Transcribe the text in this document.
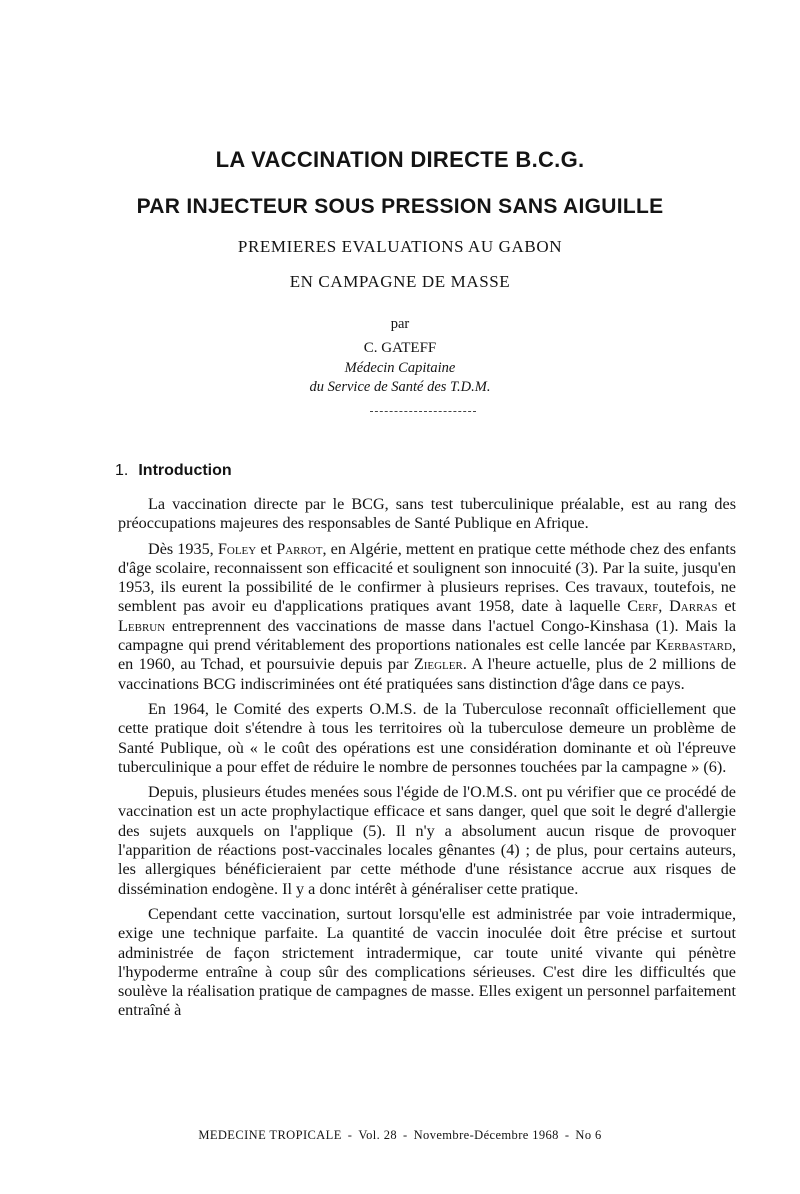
LA VACCINATION DIRECTE B.C.G.
PAR INJECTEUR SOUS PRESSION SANS AIGUILLE
PREMIERES EVALUATIONS AU GABON
EN CAMPAGNE DE MASSE
par
C. GATEFF
Médecin Capitaine
du Service de Santé des T.D.M.
1. Introduction

La vaccination directe par le BCG, sans test tuberculinique préalable, est au rang des préoccupations majeures des responsables de Santé Publique en Afrique.

Dès 1935, Foley et Parrot, en Algérie, mettent en pratique cette méthode chez des enfants d'âge scolaire, reconnaissent son efficacité et soulignent son innocuité (3). Par la suite, jusqu'en 1953, ils eurent la possibilité de le confirmer à plusieurs reprises. Ces travaux, toutefois, ne semblent pas avoir eu d'applications pratiques avant 1958, date à laquelle Cerf, Darras et Lebrun entreprennent des vaccinations de masse dans l'actuel Congo-Kinshasa (1). Mais la campagne qui prend véritablement des proportions nationales est celle lancée par Kerbastard, en 1960, au Tchad, et poursuivie depuis par Ziegler. A l'heure actuelle, plus de 2 millions de vaccinations BCG indiscriminées ont été pratiquées sans distinction d'âge dans ce pays.

En 1964, le Comité des experts O.M.S. de la Tuberculose reconnaît officiellement que cette pratique doit s'étendre à tous les territoires où la tuberculose demeure un problème de Santé Publique, où « le coût des opérations est une considération dominante et où l'épreuve tuberculinique a pour effet de réduire le nombre de personnes touchées par la campagne » (6).

Depuis, plusieurs études menées sous l'égide de l'O.M.S. ont pu vérifier que ce procédé de vaccination est un acte prophylactique efficace et sans danger, quel que soit le degré d'allergie des sujets auxquels on l'applique (5). Il n'y a absolument aucun risque de provoquer l'apparition de réactions post-vaccinales locales gênantes (4) ; de plus, pour certains auteurs, les allergiques bénéficieraient par cette méthode d'une résistance accrue aux risques de dissémination endogène. Il y a donc intérêt à généraliser cette pratique.

Cependant cette vaccination, surtout lorsqu'elle est administrée par voie intradermique, exige une technique parfaite. La quantité de vaccin inoculée doit être précise et surtout administrée de façon strictement intradermique, car toute unité vivante qui pénètre l'hypoderme entraîne à coup sûr des complications sérieuses. C'est dire les difficultés que soulève la réalisation pratique de campagnes de masse. Elles exigent un personnel parfaitement entraîné à

MEDECINE TROPICALE - Vol. 28 - Novembre-Décembre 1968 - No 6
